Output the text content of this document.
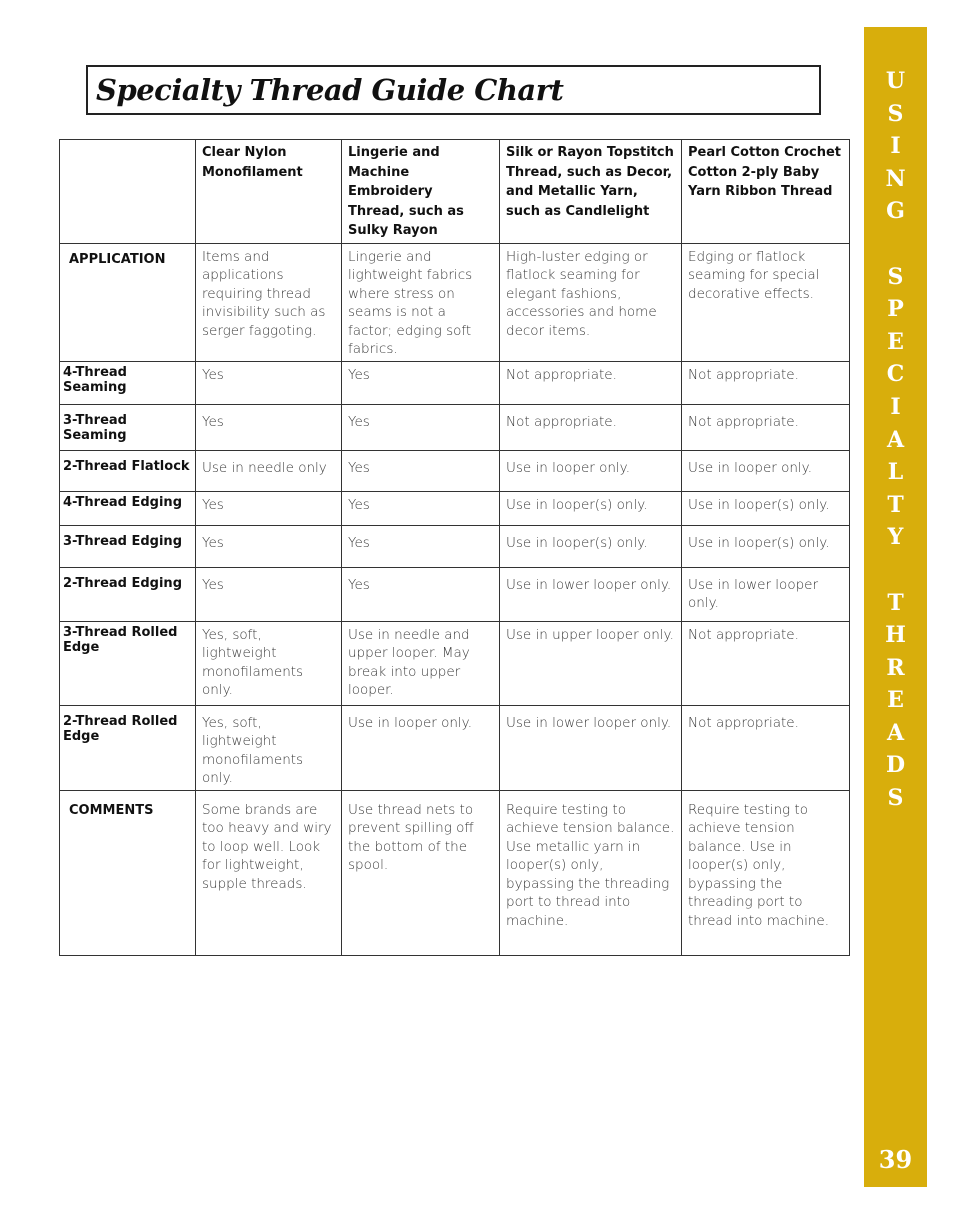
Specialty Thread Guide Chart
	Clear Nylon Monofilament	Lingerie and Machine Embroidery Thread, such as Sulky Rayon	Silk or Rayon Topstitch Thread, such as Decor, and Metallic Yarn, such as Candlelight	Pearl Cotton Crochet Cotton 2-ply Baby Yarn Ribbon Thread
APPLICATION	Items and applications requiring thread invisibility such as serger faggoting.	Lingerie and lightweight fabrics where stress on seams is not a factor; edging soft fabrics.	High-luster edging or flatlock seaming for elegant fashions, accessories and home decor items.	Edging or flatlock seaming for special decorative effects.
4-Thread Seaming	Yes	Yes	Not appropriate.	Not appropriate.
3-Thread Seaming	Yes	Yes	Not appropriate.	Not appropriate.
2-Thread Flatlock	Use in needle only	Yes	Use in looper only.	Use in looper only.
4-Thread Edging	Yes	Yes	Use in looper(s) only.	Use in looper(s) only.
3-Thread Edging	Yes	Yes	Use in looper(s) only.	Use in looper(s) only.
2-Thread Edging	Yes	Yes	Use in lower looper only.	Use in lower looper only.
3-Thread Rolled Edge	Yes, soft, lightweight monofilaments only.	Use in needle and upper looper. May break into upper looper.	Use in upper looper only.	Not appropriate.
2-Thread Rolled Edge	Yes, soft, lightweight monofilaments only.	Use in looper only.	Use in lower looper only.	Not appropriate.
COMMENTS	Some brands are too heavy and wiry to loop well. Look for lightweight, supple threads.	Use thread nets to prevent spilling off the bottom of the spool.	Require testing to achieve tension balance. Use metallic yarn in looper(s) only, bypassing the threading port to thread into machine.	Require testing to achieve tension balance. Use in looper(s) only, bypassing the threading port to thread into machine.
U
S
I
N
G
S
P
E
C
I
A
L
T
Y
T
H
R
E
A
D
S
39
